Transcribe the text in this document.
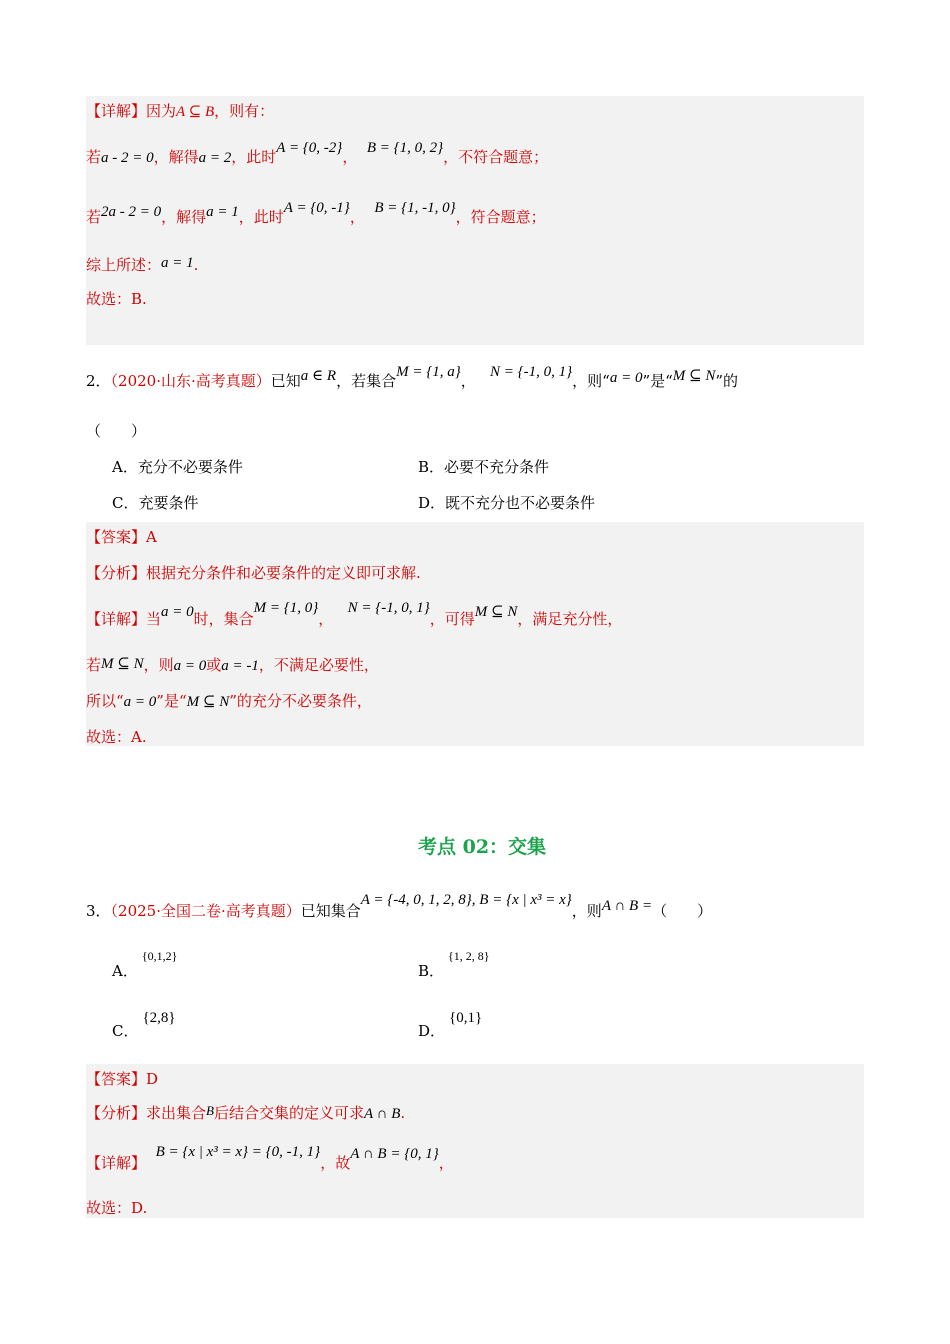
【详解】因为A ⊆ B，则有：
若a - 2 = 0，解得a = 2，此时A = {0, -2}， B = {1, 0, 2}，不符合题意；
若2a - 2 = 0，解得a = 1，此时A = {0, -1}， B = {1, -1, 0}，符合题意；
综上所述：a = 1.
故选：B.
2．（2020·山东·高考真题）已知a ∈ R，若集合M = {1, a}， N = {-1, 0, 1}，则“a = 0”是“M ⊆ N”的
（　　）
A．充分不必要条件	B．必要不充分条件
C．充要条件	D．既不充分也不必要条件
【答案】A
【分析】根据充分条件和必要条件的定义即可求解.
【详解】当a = 0时，集合M = {1, 0}，   N = {-1, 0, 1}，可得M ⊆ N，满足充分性，
若M ⊆ N，则a = 0或a = -1，不满足必要性，
所以“a = 0”是“M ⊆ N”的充分不必要条件，
故选：A.
考点 02：交集
3．（2025·全国二卷·高考真题）已知集合A = {-4, 0, 1, 2, 8}, B = {x | x³ = x}，则A ∩ B =（　　）
A．$^{\{0,1,2\}}$
B．$^{\{1, 2, 8\}}$
C．{2,8}
D．{0,1}
【答案】D
【分析】求出集合B后结合交集的定义可求A ∩ B.
【详解】  B = {x | x³ = x} = {0, -1, 1}，故A ∩ B = {0, 1}，
故选：D.
